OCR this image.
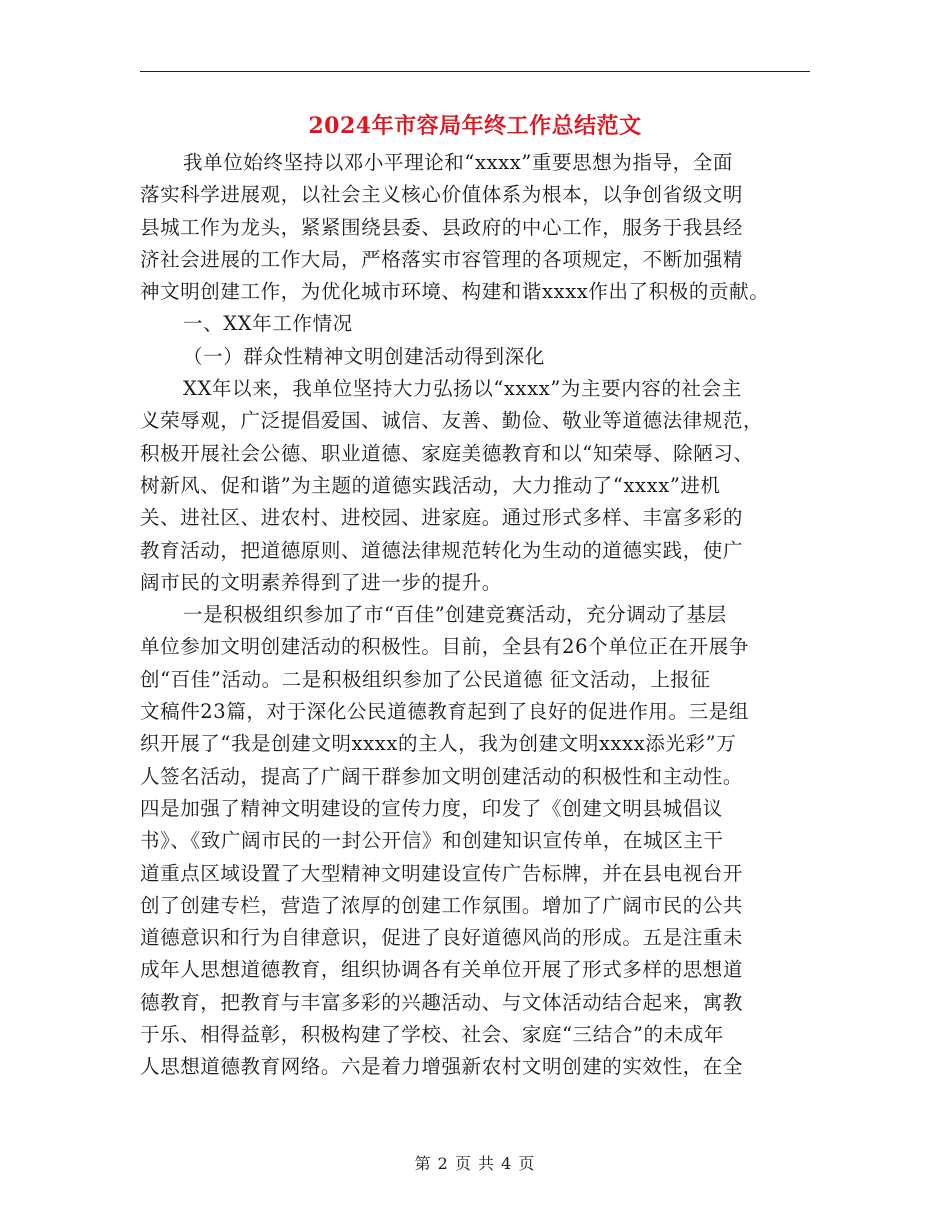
2024年市容局年终工作总结范文
我单位始终坚持以邓小平理论和“xxxx”重要思想为指导，全面
落实科学进展观，以社会主义核心价值体系为根本，以争创省级文明
县城工作为龙头，紧紧围绕县委、县政府的中心工作，服务于我县经
济社会进展的工作大局，严格落实市容管理的各项规定，不断加强精
神文明创建工作，为优化城市环境、构建和谐xxxx作出了积极的贡献。
一、XX年工作情况
（一）群众性精神文明创建活动得到深化
XX年以来，我单位坚持大力弘扬以“xxxx”为主要内容的社会主
义荣辱观，广泛提倡爱国、诚信、友善、勤俭、敬业等道德法律规范，
积极开展社会公德、职业道德、家庭美德教育和以“知荣辱、除陋习、
树新风、促和谐”为主题的道德实践活动，大力推动了“xxxx”进机
关、进社区、进农村、进校园、进家庭。通过形式多样、丰富多彩的
教育活动，把道德原则、道德法律规范转化为生动的道德实践，使广
阔市民的文明素养得到了进一步的提升。
一是积极组织参加了市“百佳”创建竞赛活动，充分调动了基层
单位参加文明创建活动的积极性。目前，全县有26个单位正在开展争
创“百佳”活动。二是积极组织参加了公民道德 征文活动，上报征
文稿件23篇，对于深化公民道德教育起到了良好的促进作用。三是组
织开展了“我是创建文明xxxx的主人，我为创建文明xxxx添光彩”万
人签名活动，提高了广阔干群参加文明创建活动的积极性和主动性。
四是加强了精神文明建设的宣传力度，印发了《创建文明县城倡议
书》、《致广阔市民的一封公开信》和创建知识宣传单，在城区主干
道重点区域设置了大型精神文明建设宣传广告标牌，并在县电视台开
创了创建专栏，营造了浓厚的创建工作氛围。增加了广阔市民的公共
道德意识和行为自律意识，促进了良好道德风尚的形成。五是注重未
成年人思想道德教育，组织协调各有关单位开展了形式多样的思想道
德教育，把教育与丰富多彩的兴趣活动、与文体活动结合起来，寓教
于乐、相得益彰，积极构建了学校、社会、家庭“三结合”的未成年
人思想道德教育网络。六是着力增强新农村文明创建的实效性，在全
第 2 页 共 4 页
